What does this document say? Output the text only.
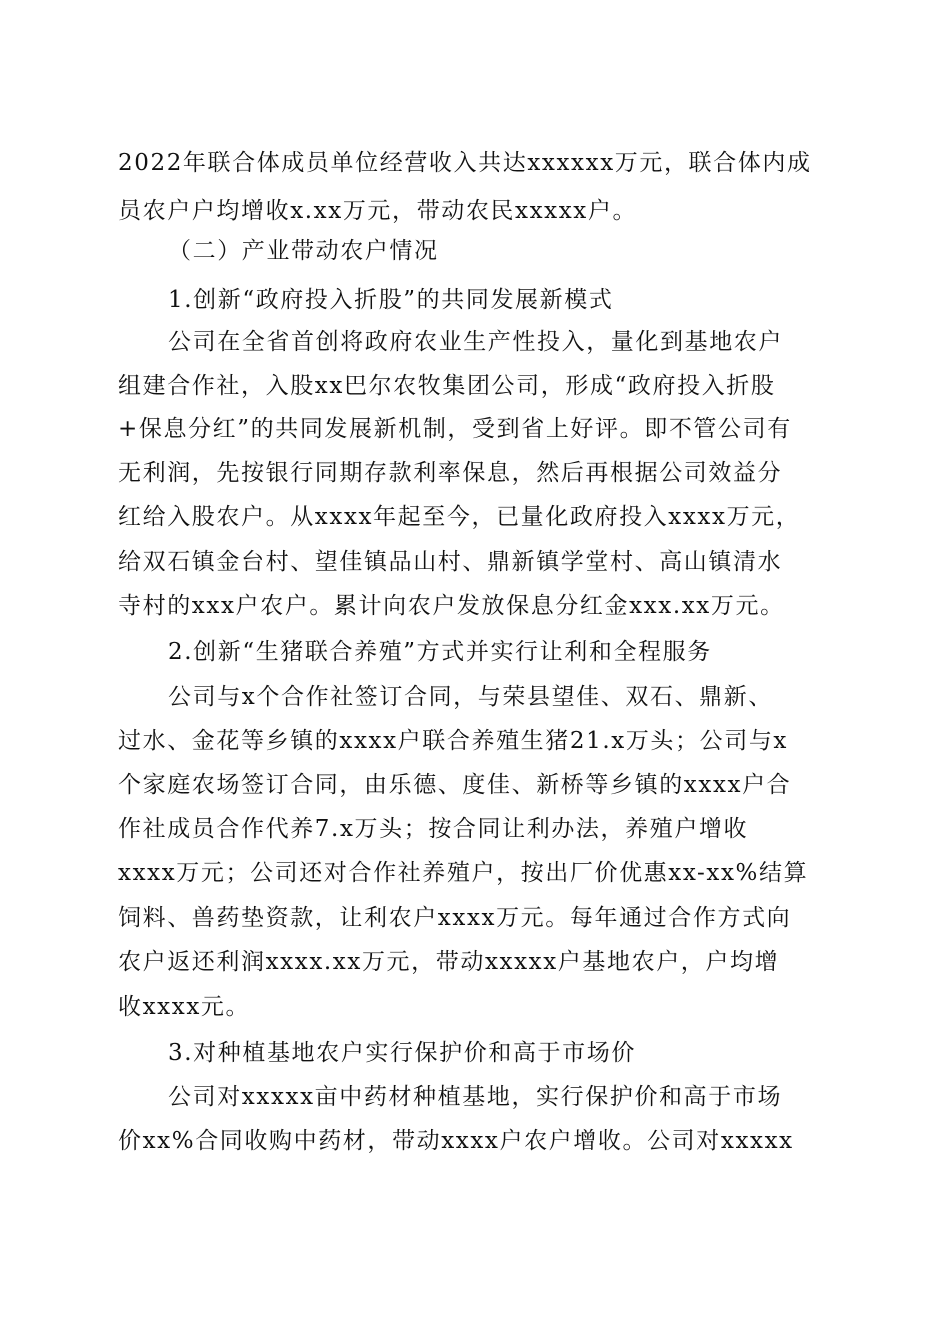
2022年联合体成员单位经营收入共达xxxxxx万元，联合体内成
员农户户均增收x.xx万元，带动农民xxxxx户。
（二）产业带动农户情况
1.创新“政府投入折股”的共同发展新模式
公司在全省首创将政府农业生产性投入，量化到基地农户
组建合作社，入股xx巴尔农牧集团公司，形成“政府投入折股
+保息分红”的共同发展新机制，受到省上好评。即不管公司有
无利润，先按银行同期存款利率保息，然后再根据公司效益分
红给入股农户。从xxxx年起至今，已量化政府投入xxxx万元，
给双石镇金台村、望佳镇品山村、鼎新镇学堂村、高山镇清水
寺村的xxx户农户。累计向农户发放保息分红金xxx.xx万元。
2.创新“生猪联合养殖”方式并实行让利和全程服务
公司与x个合作社签订合同，与荣县望佳、双石、鼎新、
过水、金花等乡镇的xxxx户联合养殖生猪21.x万头；公司与x
个家庭农场签订合同，由乐德、度佳、新桥等乡镇的xxxx户合
作社成员合作代养7.x万头；按合同让利办法，养殖户增收
xxxx万元；公司还对合作社养殖户，按出厂价优惠xx-xx%结算
饲料、兽药垫资款，让利农户xxxx万元。每年通过合作方式向
农户返还利润xxxx.xx万元，带动xxxxx户基地农户，户均增
收xxxx元。
3.对种植基地农户实行保护价和高于市场价
公司对xxxxx亩中药材种植基地，实行保护价和高于市场
价xx%合同收购中药材，带动xxxx户农户增收。公司对xxxxx
